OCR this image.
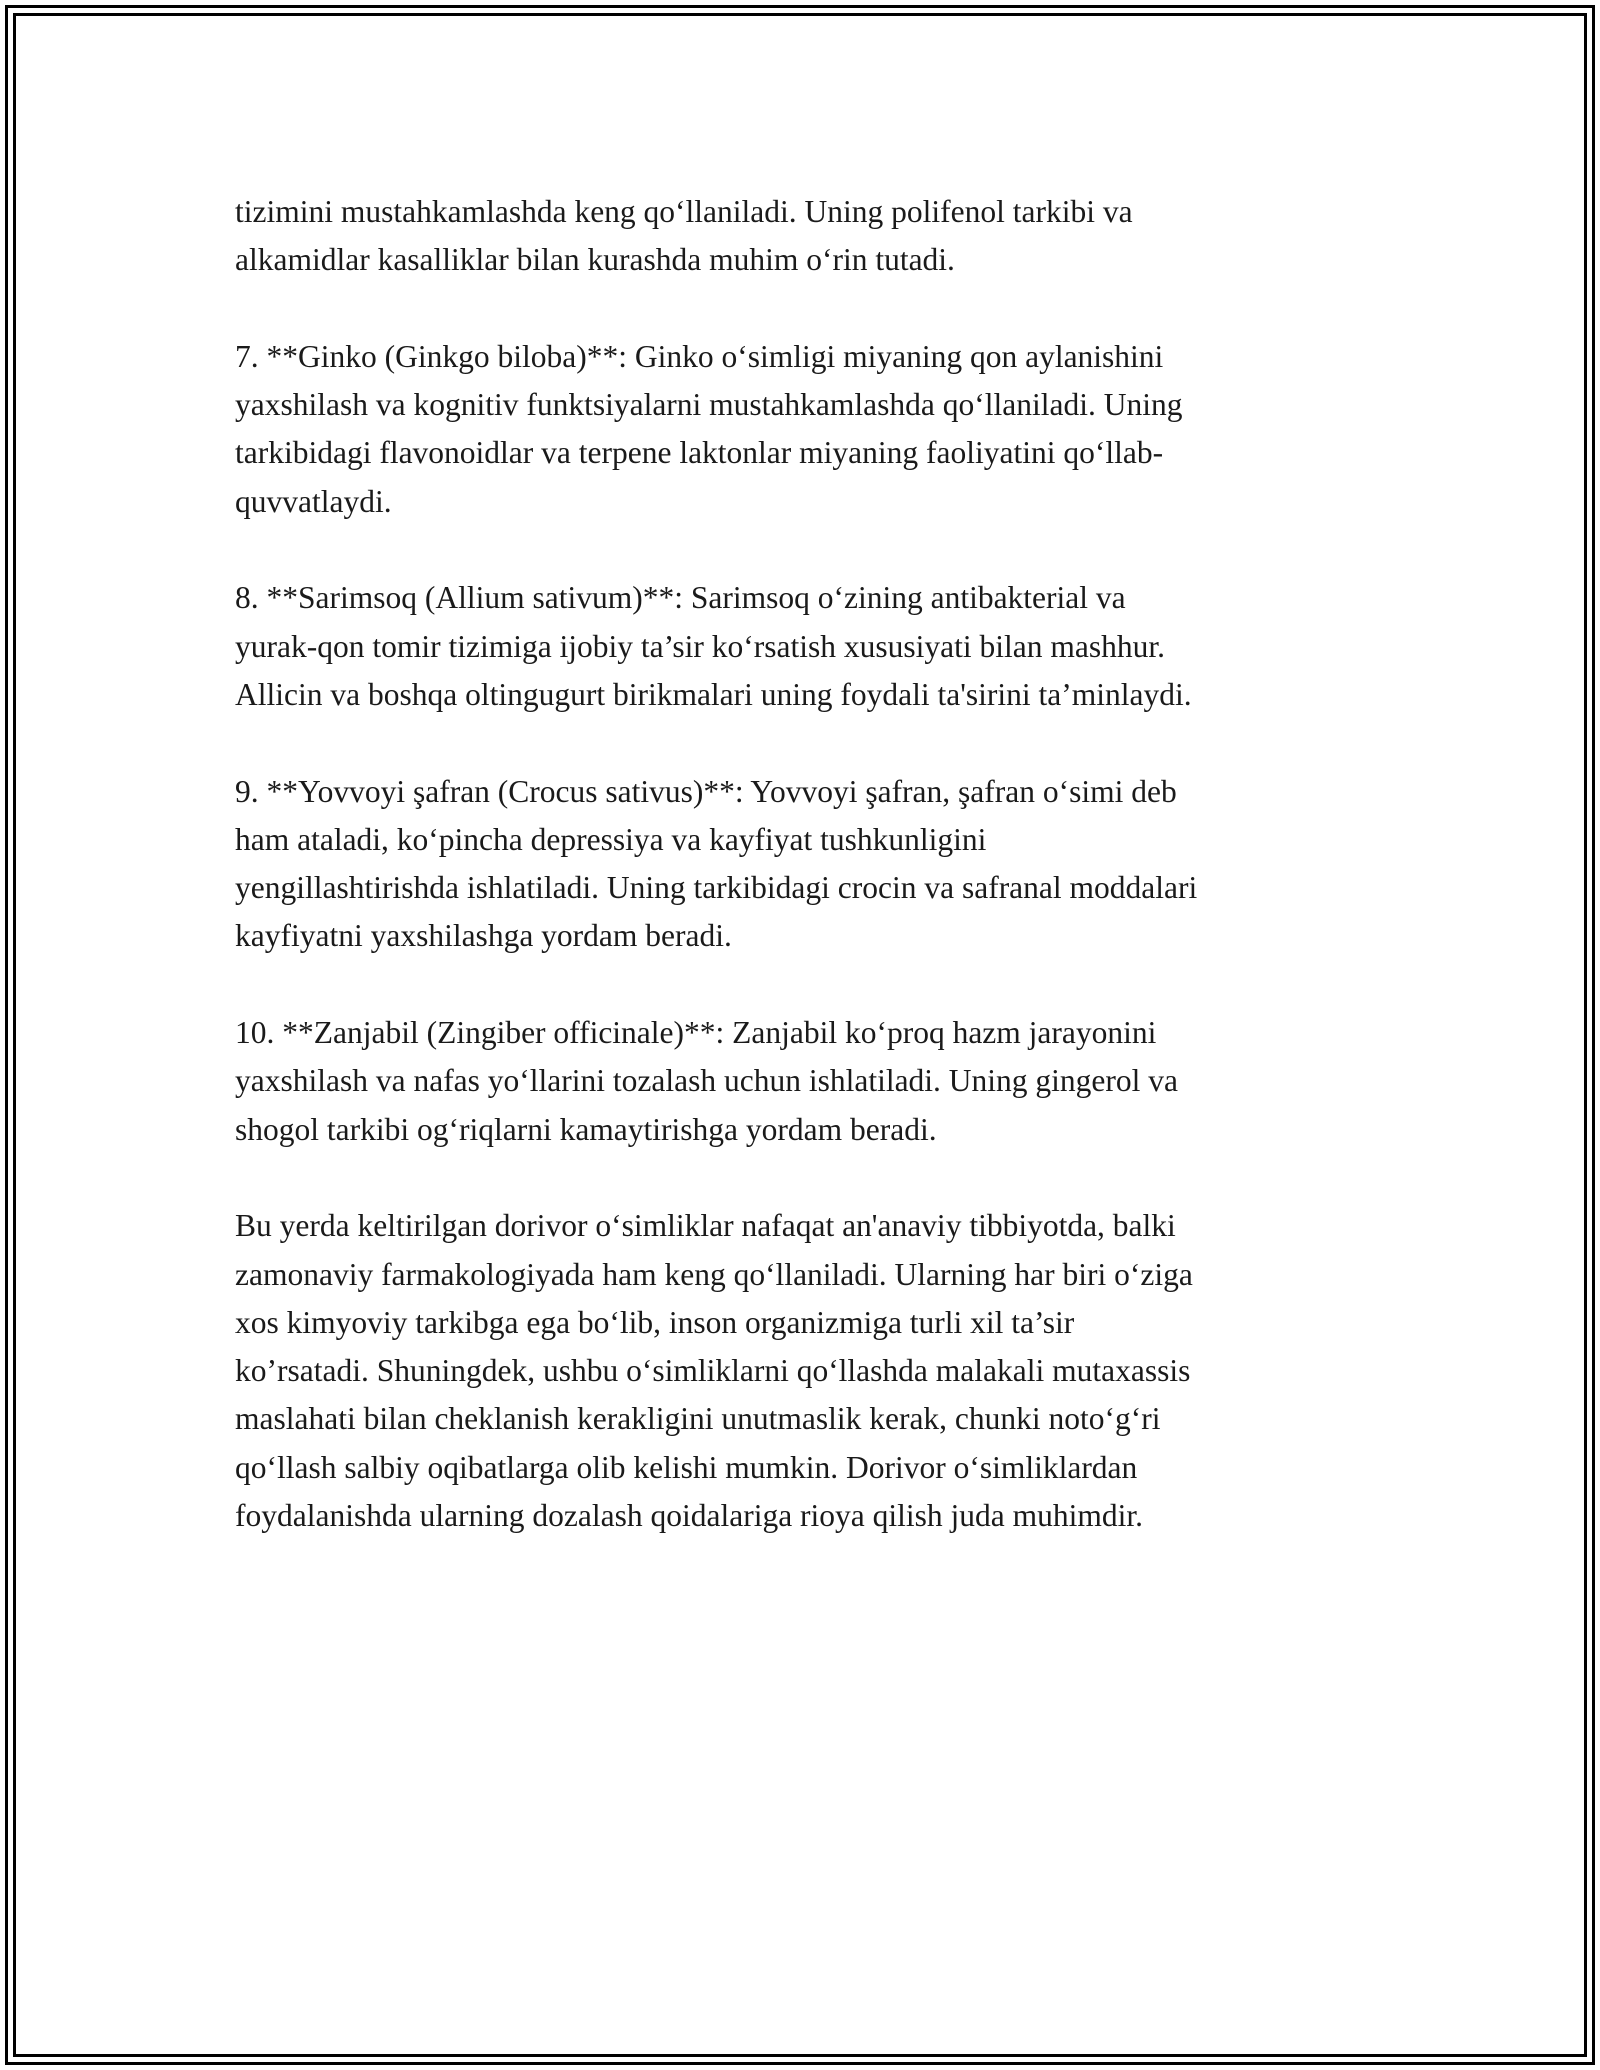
tizimini mustahkamlashda keng qo‘llaniladi. Uning polifenol tarkibi va
alkamidlar kasalliklar bilan kurashda muhim o‘rin tutadi.

7. **Ginko (Ginkgo biloba)**: Ginko o‘simligi miyaning qon aylanishini
yaxshilash va kognitiv funktsiyalarni mustahkamlashda qo‘llaniladi. Uning
tarkibidagi flavonoidlar va terpene laktonlar miyaning faoliyatini qo‘llab-
quvvatlaydi.

8. **Sarimsoq (Allium sativum)**: Sarimsoq o‘zining antibakterial va
yurak-qon tomir tizimiga ijobiy ta’sir ko‘rsatish xususiyati bilan mashhur.
Allicin va boshqa oltingugurt birikmalari uning foydali ta'sirini ta’minlaydi.

9. **Yovvoyi şafran (Crocus sativus)**: Yovvoyi şafran, şafran o‘simi deb
ham ataladi, ko‘pincha depressiya va kayfiyat tushkunligini
yengillashtirishda ishlatiladi. Uning tarkibidagi crocin va safranal moddalari
kayfiyatni yaxshilashga yordam beradi.

10. **Zanjabil (Zingiber officinale)**: Zanjabil ko‘proq hazm jarayonini
yaxshilash va nafas yo‘llarini tozalash uchun ishlatiladi. Uning gingerol va
shogol tarkibi og‘riqlarni kamaytirishga yordam beradi.

Bu yerda keltirilgan dorivor o‘simliklar nafaqat an'anaviy tibbiyotda, balki
zamonaviy farmakologiyada ham keng qo‘llaniladi. Ularning har biri o‘ziga
xos kimyoviy tarkibga ega bo‘lib, inson organizmiga turli xil ta’sir
ko’rsatadi. Shuningdek, ushbu o‘simliklarni qo‘llashda malakali mutaxassis
maslahati bilan cheklanish kerakligini unutmaslik kerak, chunki noto‘g‘ri
qo‘llash salbiy oqibatlarga olib kelishi mumkin. Dorivor o‘simliklardan
foydalanishda ularning dozalash qoidalariga rioya qilish juda muhimdir.
